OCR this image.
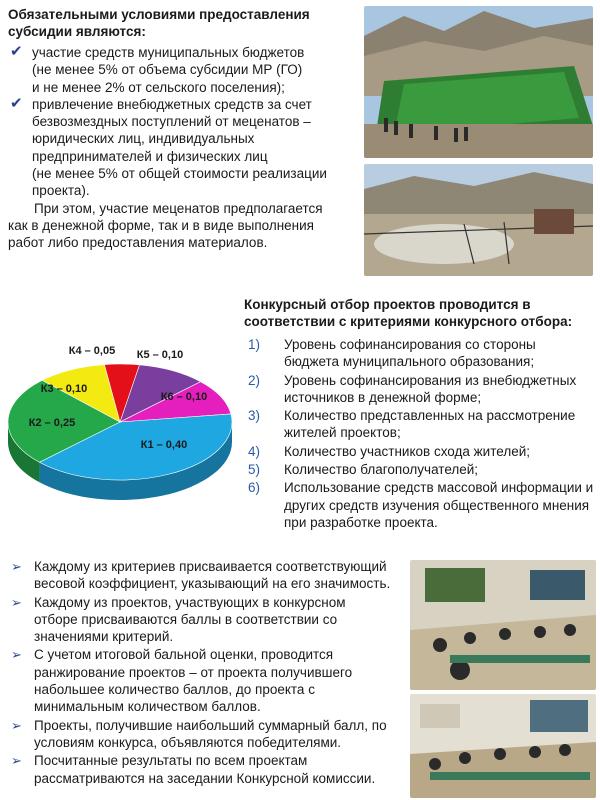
Обязательными условиями предоставления субсидии являются:
✔ участие средств муниципальных бюджетов
(не менее 5% от объема субсидии МР (ГО)
и не менее 2% от сельского поселения);
✔ привлечение внебюджетных средств за счет
безвозмездных поступлений от меценатов –
юридических лиц, индивидуальных
предпринимателей и физических лиц
(не менее 5% от общей стоимости реализации
проекта).
При этом, участие меценатов предполагается
как в денежной форме, так и в виде выполнения
работ либо предоставления материалов.
К1 – 0,40
К2 – 0,25
К3 – 0,10
К4 – 0,05 К5 – 0,10
К6 – 0,10
Конкурсный отбор проектов проводится в соответствии с критериями конкурсного отбора:
1) Уровень софинансирования со стороны бюджета муниципального образования;
2) Уровень софинансирования из внебюджетных источников в денежной форме;
3) Количество представленных на рассмотрение жителей проектов;
4) Количество участников схода жителей;
5) Количество благополучателей;
6) Использование средств массовой информации и других средств изучения общественного мнения при разработке проекта.
➢ Каждому из критериев присваивается соответствующий
весовой коэффициент, указывающий на его значимость.
➢ Каждому из проектов, участвующих в конкурсном
отборе присваиваются баллы в соответствии со
значениями критерий.
➢ С учетом итоговой бальной оценки, проводится
ранжирование проектов – от проекта получившего
набольшее количество баллов, до проекта с
минимальным количеством баллов.
➢ Проекты, получившие наибольший суммарный балл, по
условиям конкурса, объявляются победителями.
➢ Посчитанные результаты по всем проектам
рассматриваются на заседании Конкурсной комиссии.
